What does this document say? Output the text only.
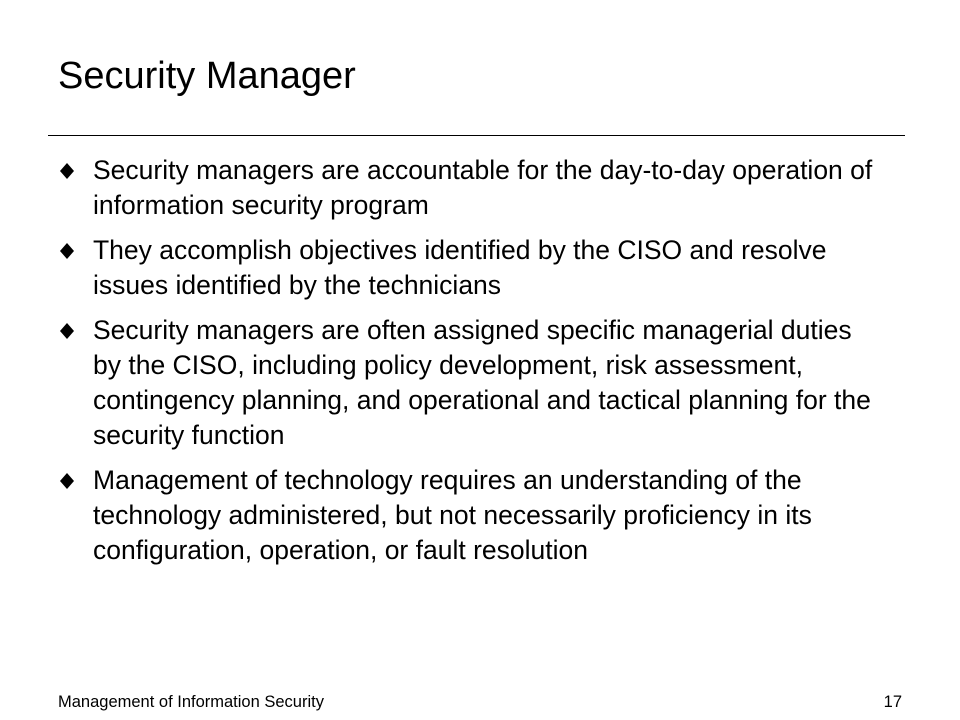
Security Manager
Security managers are accountable for the day-to-day operation of information security program
They accomplish objectives identified by the CISO and resolve issues identified by the technicians
Security managers are often assigned specific managerial duties by the CISO, including policy development, risk assessment, contingency planning, and operational and tactical planning for the security function
Management of technology requires an understanding of the technology administered, but not necessarily proficiency in its configuration, operation, or fault resolution
Management of Information Security	17
